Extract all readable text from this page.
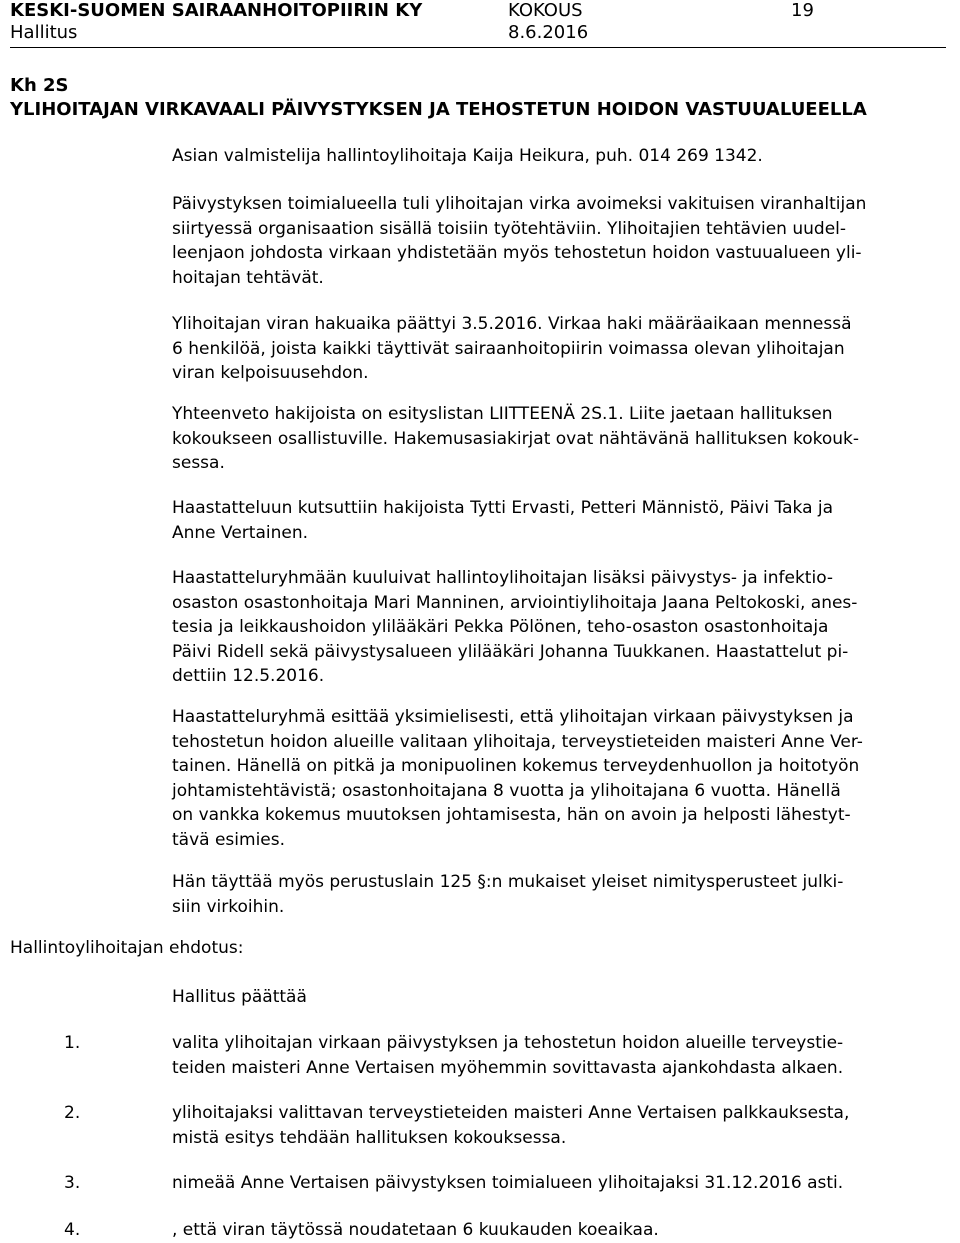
KESKI-SUOMEN SAIRAANHOITOPIIRIN KY	KOKOUS	19
Hallitus	8.6.2016
Kh 2S
YLIHOITAJAN VIRKAVAALI PÄIVYSTYKSEN JA TEHOSTETUN HOIDON VASTUUALUEELLA
Asian valmistelija hallintoylihoitaja Kaija Heikura, puh. 014 269 1342.
Päivystyksen toimialueella tuli ylihoitajan virka avoimeksi vakituisen viranhaltijan
siirtyessä organisaation sisällä toisiin työtehtäviin. Ylihoitajien tehtävien uudel-
leenjaon johdosta virkaan yhdistetään myös tehostetun hoidon vastuualueen yli-
hoitajan tehtävät.
Ylihoitajan viran hakuaika päättyi 3.5.2016. Virkaa haki määräaikaan mennessä
6 henkilöä, joista kaikki täyttivät sairaanhoitopiirin voimassa olevan ylihoitajan
viran kelpoisuusehdon.
Yhteenveto hakijoista on esityslistan LIITTEENÄ 2S.1. Liite jaetaan hallituksen
kokoukseen osallistuville. Hakemusasiakirjat ovat nähtävänä hallituksen kokouk-
sessa.
Haastatteluun kutsuttiin hakijoista Tytti Ervasti, Petteri Männistö, Päivi Taka ja
Anne Vertainen.
Haastatteluryhmään kuuluivat hallintoylihoitajan lisäksi päivystys- ja infektio-
osaston osastonhoitaja Mari Manninen, arviointiylihoitaja Jaana Peltokoski, anes-
tesia ja leikkaushoidon ylilääkäri Pekka Pölönen, teho-osaston osastonhoitaja
Päivi Ridell sekä päivystysalueen ylilääkäri Johanna Tuukkanen. Haastattelut pi-
dettiin 12.5.2016.
Haastatteluryhmä esittää yksimielisesti, että ylihoitajan virkaan päivystyksen ja
tehostetun hoidon alueille valitaan ylihoitaja, terveystieteiden maisteri Anne Ver-
tainen. Hänellä on pitkä ja monipuolinen kokemus terveydenhuollon ja hoitotyön
johtamistehtävistä; osastonhoitajana 8 vuotta ja ylihoitajana 6 vuotta. Hänellä
on vankka kokemus muutoksen johtamisesta, hän on avoin ja helposti lähestyt-
tävä esimies.
Hän täyttää myös perustuslain 125 §:n mukaiset yleiset nimitysperusteet julki-
siin virkoihin.
Hallintoylihoitajan ehdotus:
Hallitus päättää
1.	valita ylihoitajan virkaan päivystyksen ja tehostetun hoidon alueille terveystie-
teiden maisteri Anne Vertaisen myöhemmin sovittavasta ajankohdasta alkaen.
2.	ylihoitajaksi valittavan terveystieteiden maisteri Anne Vertaisen palkkauksesta,
mistä esitys tehdään hallituksen kokouksessa.
3.	nimeää Anne Vertaisen päivystyksen toimialueen ylihoitajaksi 31.12.2016 asti.
4.	, että viran täytössä noudatetaan 6 kuukauden koeaikaa.
